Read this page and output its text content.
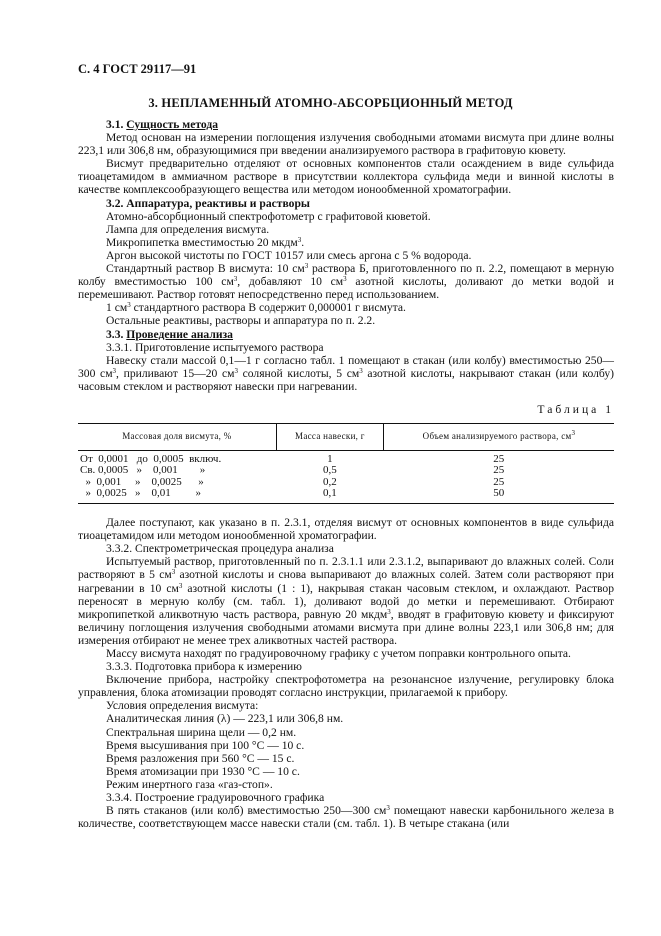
С. 4 ГОСТ 29117—91
3. НЕПЛАМЕННЫЙ АТОМНО-АБСОРБЦИОННЫЙ МЕТОД

3.1. Сущность метода

Метод основан на измерении поглощения излучения свободными атомами висмута при длине волны 223,1 или 306,8 нм, образующимися при введении анализируемого раствора в графитовую кювету.

Висмут предварительно отделяют от основных компонентов стали осаждением в виде сульфида тиоацетамидом в аммиачном растворе в присутствии коллектора сульфида меди и винной кислоты в качестве комплексообразующего вещества или методом ионообменной хроматографии.

3.2. Аппаратура, реактивы и растворы

Атомно-абсорбционный спектрофотометр с графитовой кюветой.

Лампа для определения висмута.

Микропипетка вместимостью 20 мкдм$^3$.

Аргон высокой чистоты по ГОСТ 10157 или смесь аргона с 5 % водорода.

Стандартный раствор В висмута: 10 $см^3$ раствора Б, приготовленного по п. 2.2, помещают в мерную колбу вместимостью 100 $см^3$, добавляют 10 $см^3$ азотной кислоты, доливают до метки водой и перемешивают. Раствор готовят непосредственно перед использованием.

1 $см^3$ стандартного раствора В содержит 0,000001 г висмута.

Остальные реактивы, растворы и аппаратура по п. 2.2.

3.3. Проведение анализа

3.3.1. Приготовление испытуемого раствора

Навеску стали массой 0,1—1 г согласно табл. 1 помещают в стакан (или колбу) вместимостью 250—300 $см^3$, приливают 15—20 $см^3$ соляной кислоты, 5 $см^3$ азотной кислоты, накрывают стакан (или колбу) часовым стеклом и растворяют навески при нагревании.

Таблица 1
Массовая доля висмута, %	Масса навески, г	Объем анализируемого раствора, $см^3$
От  0,0001   до  0,0005  включ.	1	25
Св. 0,0005   »    0,001        »	0,5	25
»  0,001     »    0,0025      »	0,2	25
»  0,0025   »    0,01         »	0,1	50

Далее поступают, как указано в п. 2.3.1, отделяя висмут от основных компонентов в виде сульфида тиоацетамидом или методом ионообменной хроматографии.

3.3.2. Спектрометрическая процедура анализа

Испытуемый раствор, приготовленный по п. 2.3.1.1 или 2.3.1.2, выпаривают до влажных солей. Соли растворяют в 5 $см^3$ азотной кислоты и снова выпаривают до влажных солей. Затем соли растворяют при нагревании в 10 $см^3$ азотной кислоты (1 : 1), накрывая стакан часовым стеклом, и охлаждают. Раствор переносят в мерную колбу (см. табл. 1), доливают водой до метки и перемешивают. Отбирают микропипеткой аликвотную часть раствора, равную 20 мкдм$^3$, вводят в графитовую кювету и фиксируют величину поглощения излучения свободными атомами висмута при длине волны 223,1 или 306,8 нм; для измерения отбирают не менее трех аликвотных частей раствора.

Массу висмута находят по градуировочному графику с учетом поправки контрольного опыта.

3.3.3. Подготовка прибора к измерению

Включение прибора, настройку спектрофотометра на резонансное излучение, регулировку блока управления, блока атомизации проводят согласно инструкции, прилагаемой к прибору.

Условия определения висмута:

Аналитическая линия (λ) — 223,1 или 306,8 нм.

Спектральная ширина щели — 0,2 нм.

Время высушивания при 100 °С — 10 с.

Время разложения при 560 °С — 15 с.

Время атомизации при 1930 °С — 10 с.

Режим инертного газа «газ-стоп».

3.3.4. Построение градуировочного графика

В пять стаканов (или колб) вместимостью 250—300 $см^3$ помещают навески карбонильного железа в количестве, соответствующем массе навески стали (см. табл. 1). В четыре стакана (или
